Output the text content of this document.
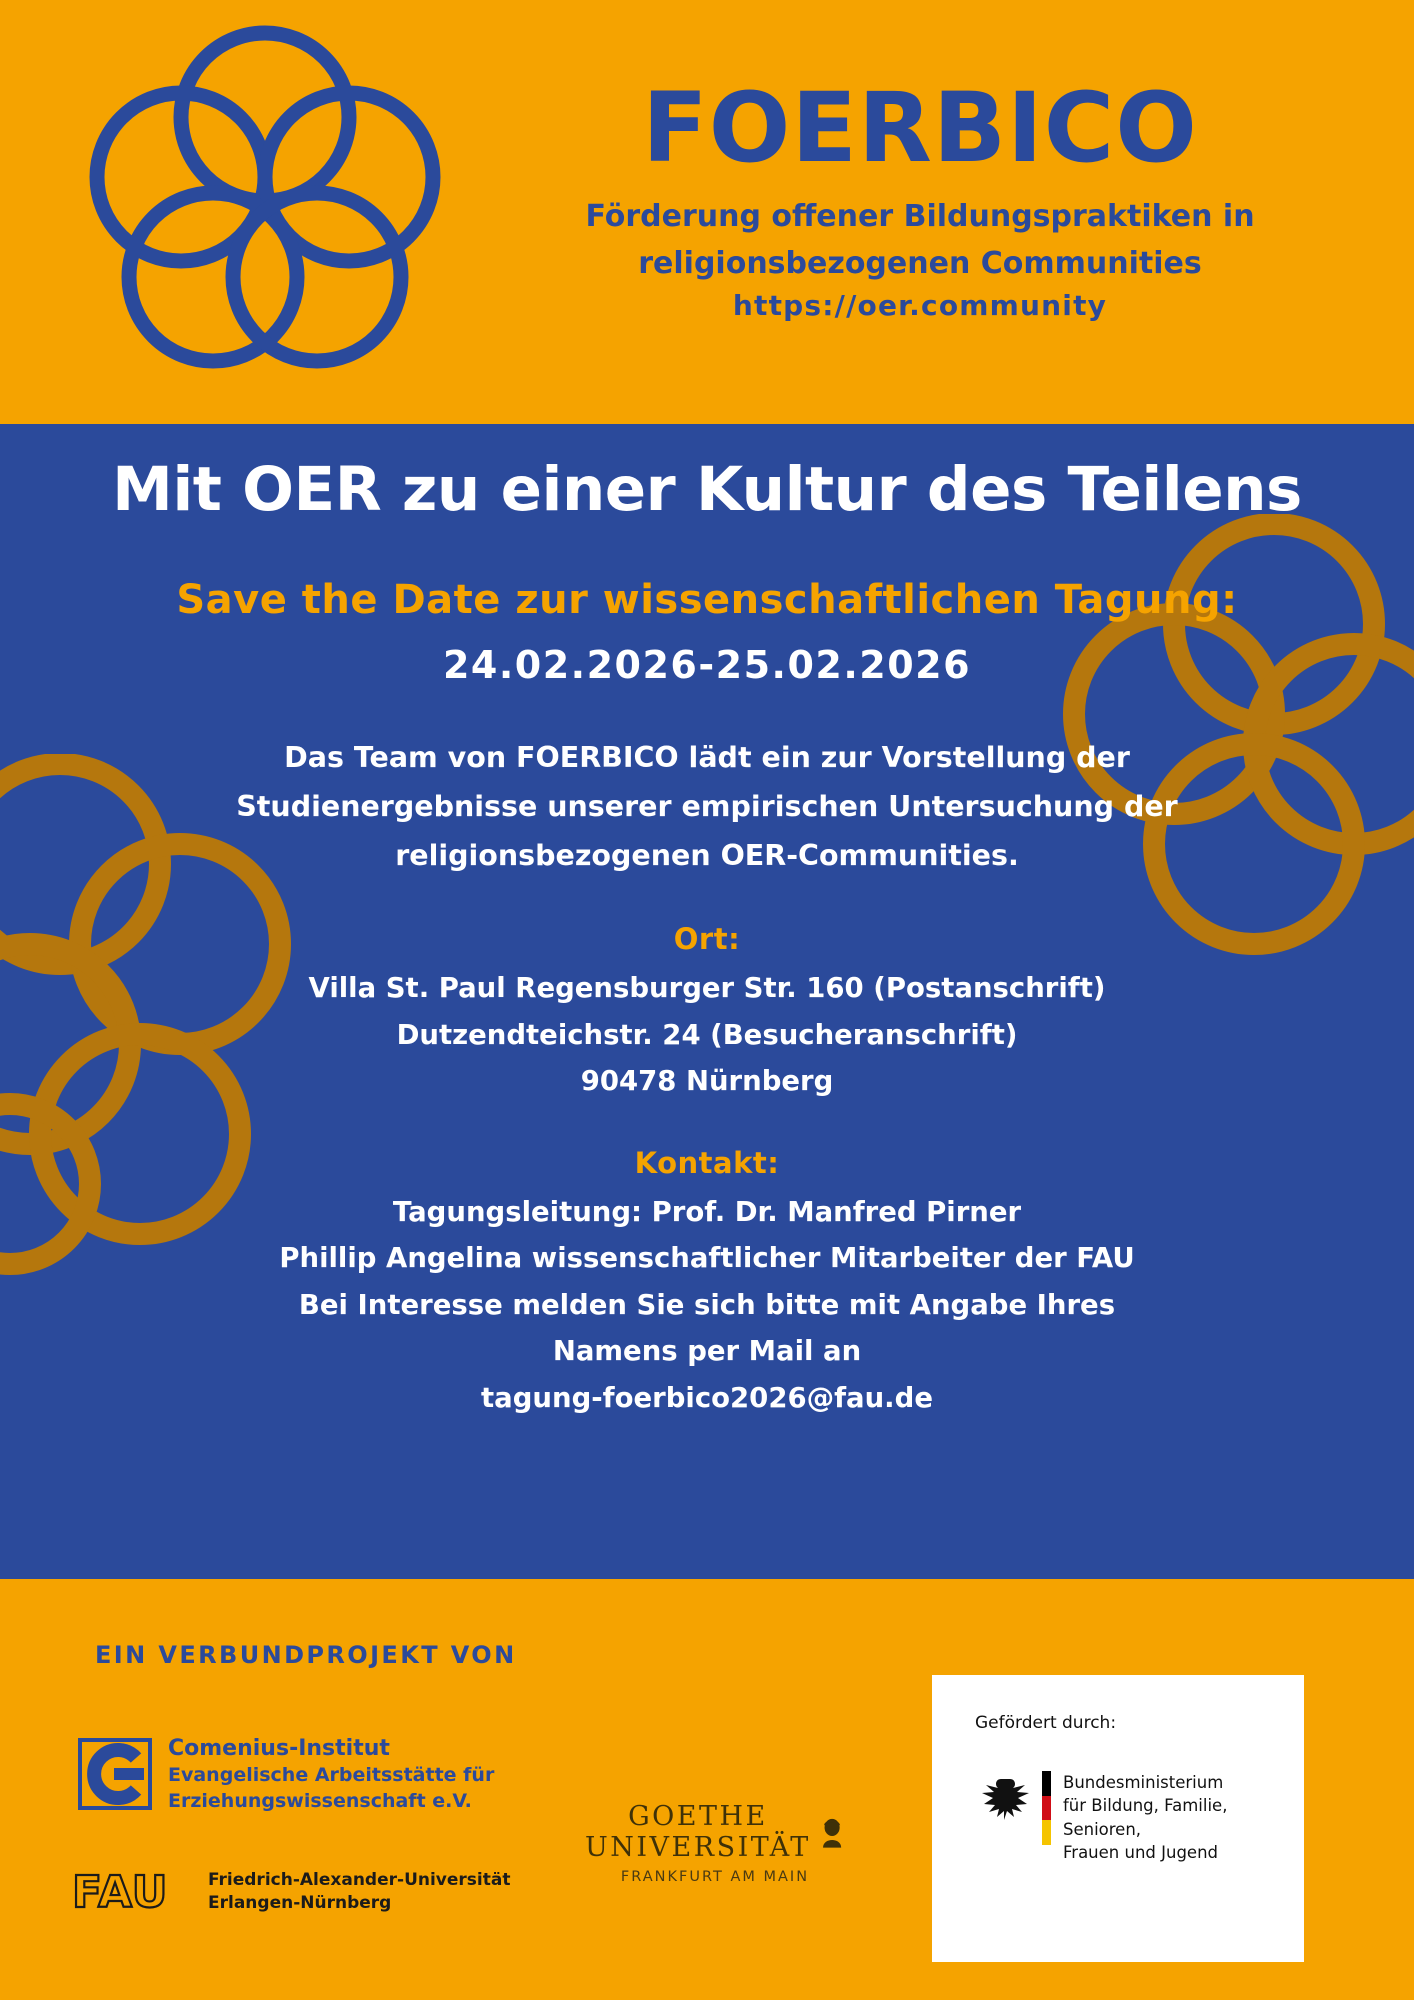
FOERBICO
Förderung offener Bildungspraktiken in
religionsbezogenen Communities
https://oer.community
Mit OER zu einer Kultur des Teilens
Save the Date zur wissenschaftlichen Tagung:
24.02.2026-25.02.2026
Das Team von FOERBICO lädt ein zur Vorstellung der Studienergebnisse unserer empirischen Untersuchung der religionsbezogenen OER-Communities.
Ort:
Villa St. Paul Regensburger Str. 160 (Postanschrift)
Dutzendteichstr. 24 (Besucheranschrift)
90478 Nürnberg
Kontakt:
Tagungsleitung: Prof. Dr. Manfred Pirner
Phillip Angelina wissenschaftlicher Mitarbeiter der FAU
Bei Interesse melden Sie sich bitte mit Angabe Ihres
Namens per Mail an
tagung-foerbico2026@fau.de
EIN VERBUNDPROJEKT VON
Comenius-Institut
Evangelische Arbeitsstätte für
Erziehungswissenschaft e.V.
FAU Friedrich-Alexander-Universität
Erlangen-Nürnberg
GOETHE
UNIVERSITÄT
FRANKFURT AM MAIN
Gefördert durch:
Bundesministerium
für Bildung, Familie, Senioren,
Frauen und Jugend
